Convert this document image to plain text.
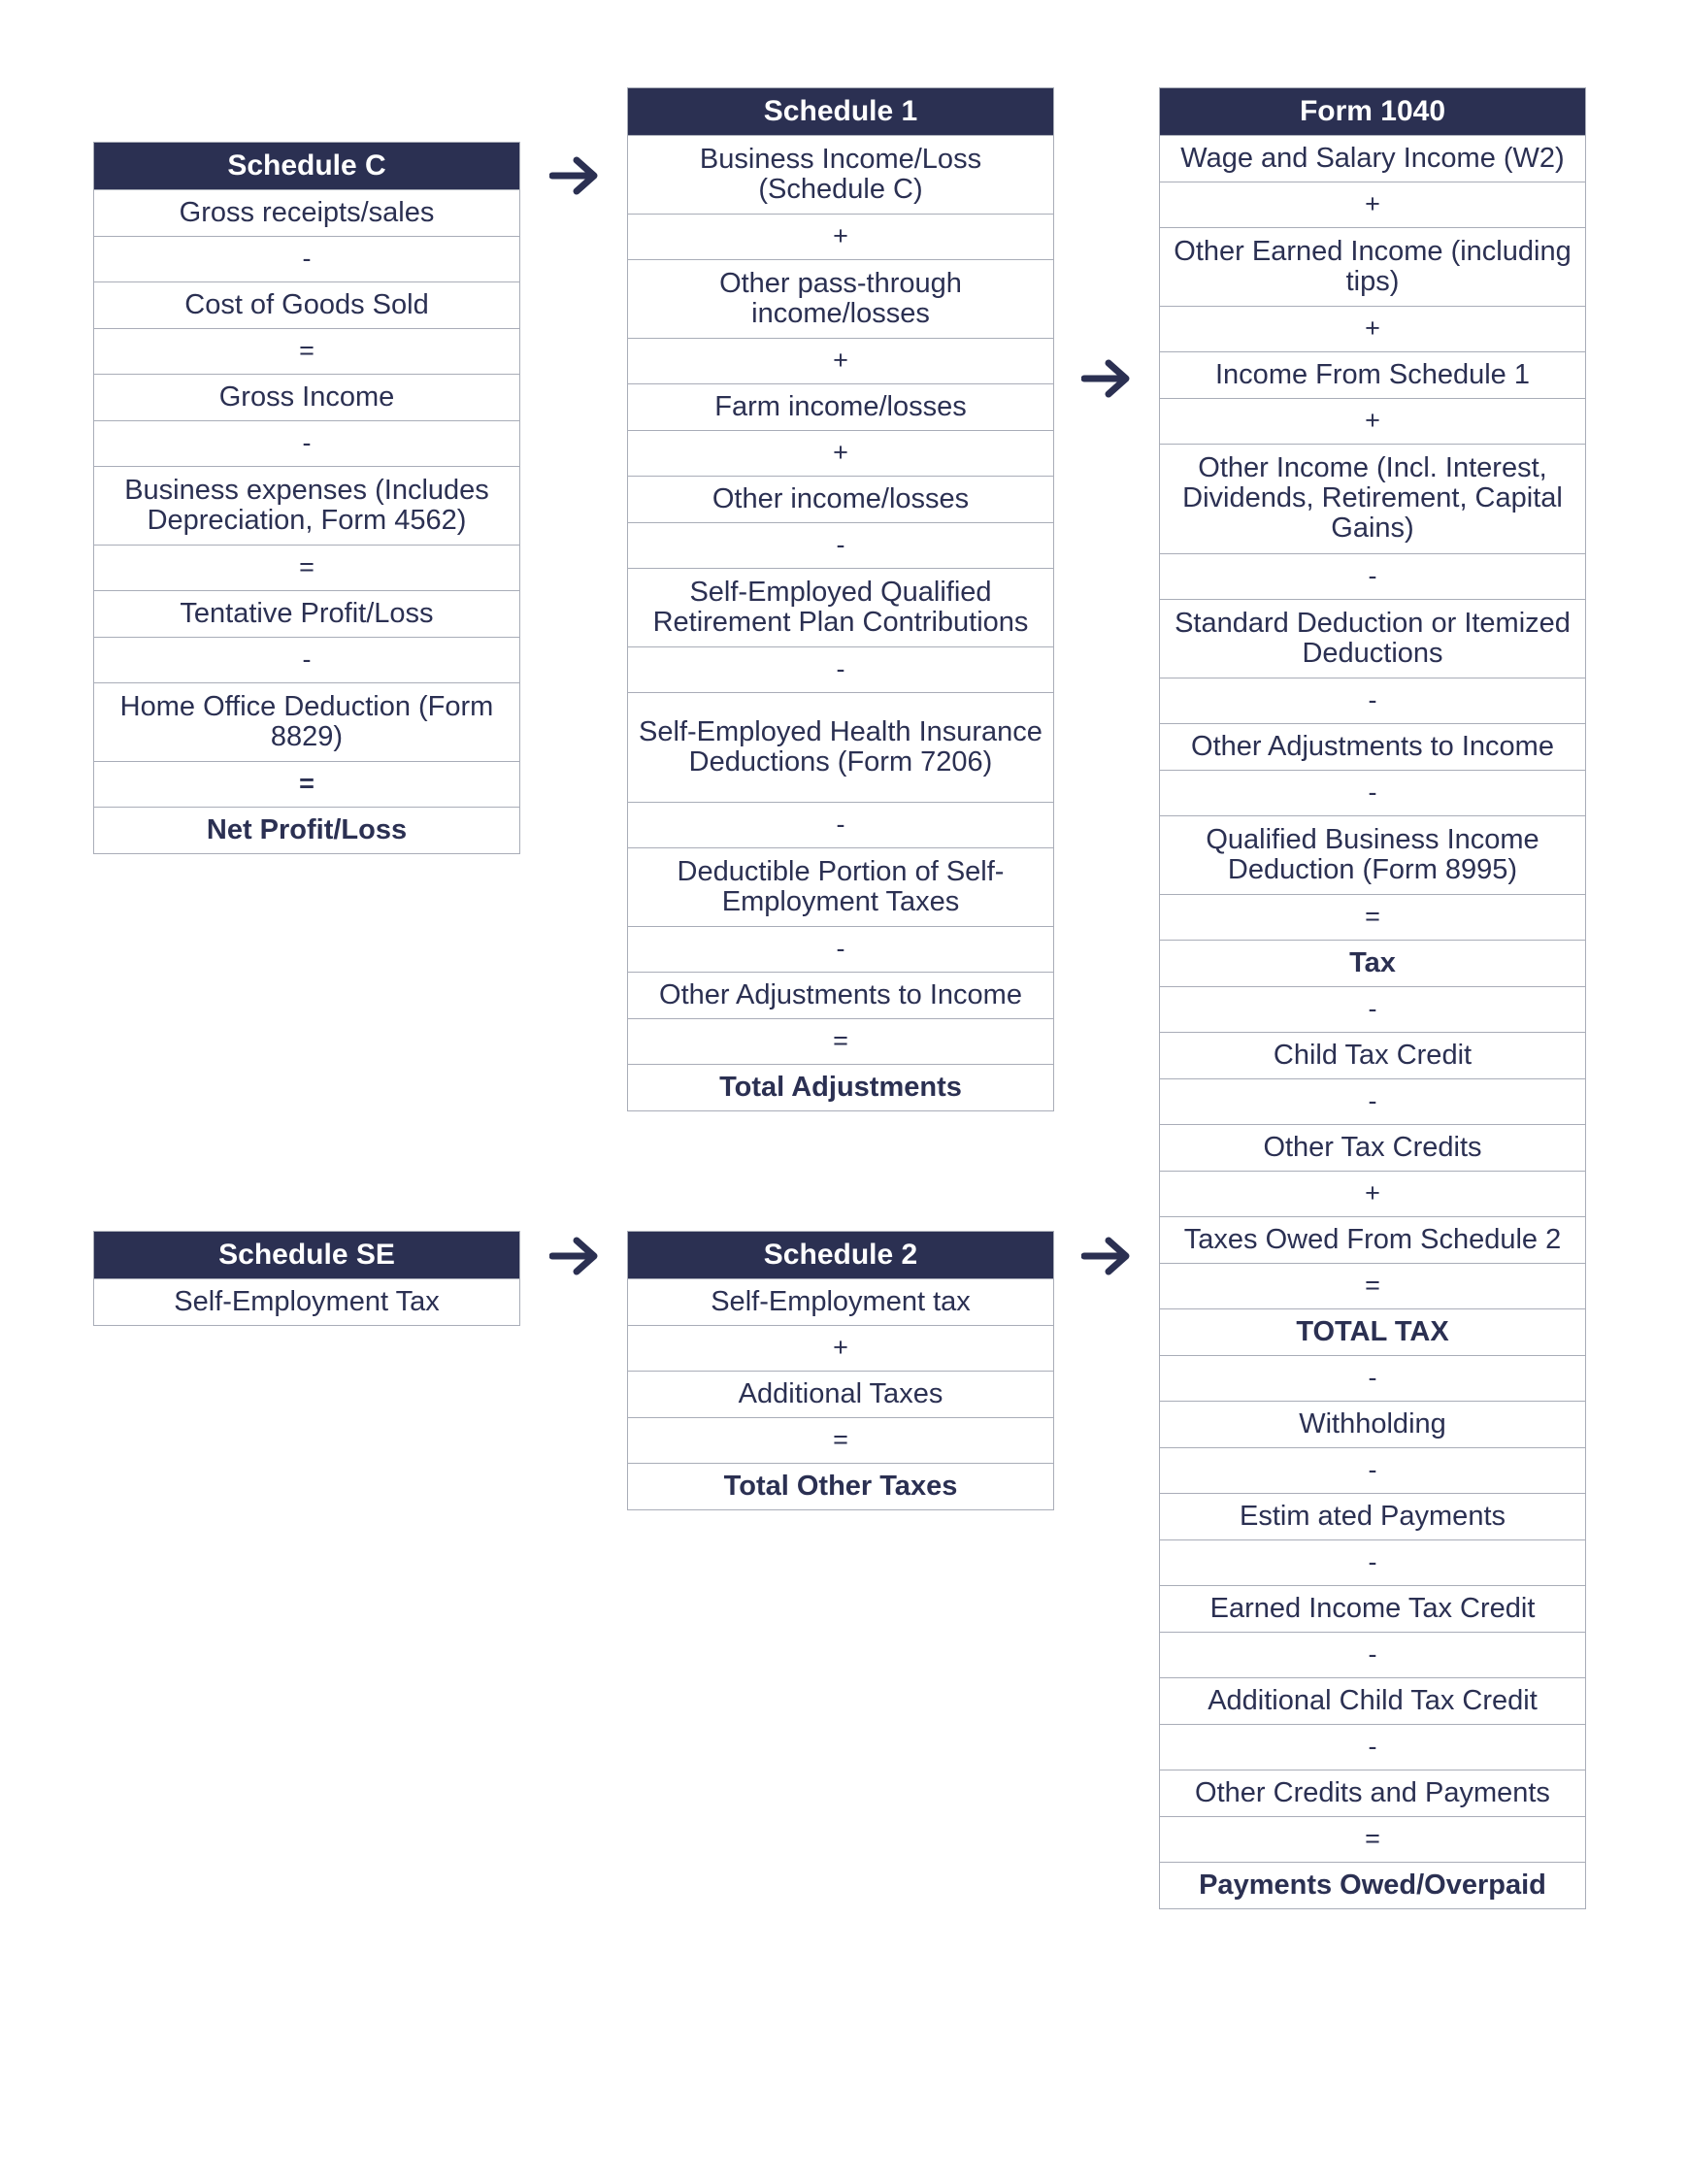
Schedule C
Gross receipts/sales
-
Cost of Goods Sold
=
Gross Income
-
Business expenses (Includes Depreciation, Form 4562)
=
Tentative Profit/Loss
-
Home Office Deduction (Form 8829)
=
Net Profit/Loss
Schedule 1
Business Income/Loss (Schedule C)
+
Other pass-through income/losses
+
Farm income/losses
+
Other income/losses
-
Self-Employed Qualified Retirement Plan Contributions
-
Self-Employed Health Insurance Deductions (Form 7206)
-
Deductible Portion of Self-Employment Taxes
-
Other Adjustments to Income
=
Total Adjustments
Form 1040
Wage and Salary Income (W2)
+
Other Earned Income (including tips)
+
Income From Schedule 1
+
Other Income (Incl. Interest, Dividends, Retirement, Capital Gains)
-
Standard Deduction or Itemized Deductions
-
Other Adjustments to Income
-
Qualified Business Income Deduction (Form 8995)
=
Tax
-
Child Tax Credit
-
Other Tax Credits
+
Taxes Owed From Schedule 2
=
TOTAL TAX
-
Withholding
-
Estim ated Payments
-
Earned Income Tax Credit
-
Additional Child Tax Credit
-
Other Credits and Payments
=
Payments Owed/Overpaid
Schedule SE
Self-Employment Tax
Schedule 2
Self-Employment tax
+
Additional Taxes
=
Total Other Taxes
